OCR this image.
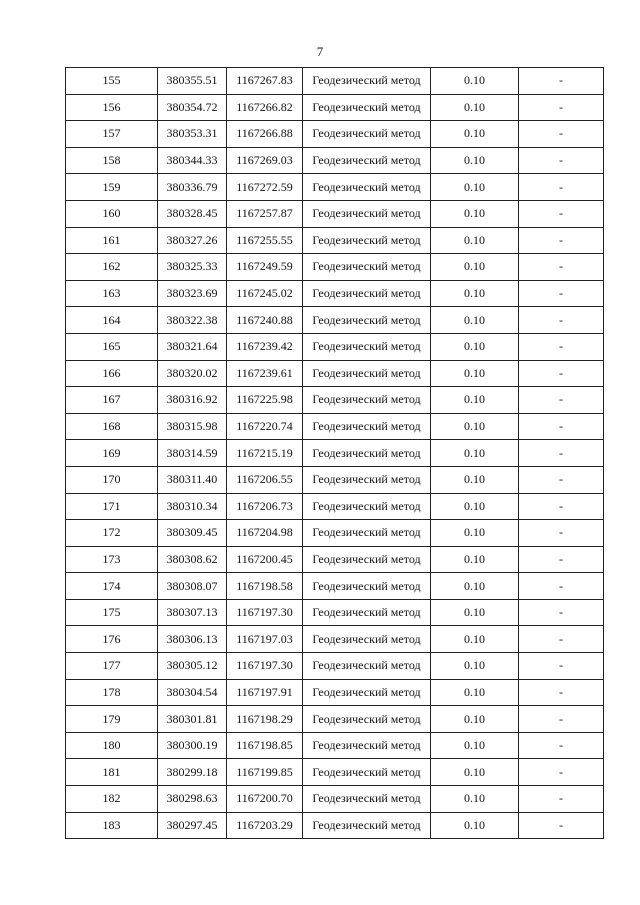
7
155	380355.51	1167267.83	Геодезический метод	0.10	-
156	380354.72	1167266.82	Геодезический метод	0.10	-
157	380353.31	1167266.88	Геодезический метод	0.10	-
158	380344.33	1167269.03	Геодезический метод	0.10	-
159	380336.79	1167272.59	Геодезический метод	0.10	-
160	380328.45	1167257.87	Геодезический метод	0.10	-
161	380327.26	1167255.55	Геодезический метод	0.10	-
162	380325.33	1167249.59	Геодезический метод	0.10	-
163	380323.69	1167245.02	Геодезический метод	0.10	-
164	380322.38	1167240.88	Геодезический метод	0.10	-
165	380321.64	1167239.42	Геодезический метод	0.10	-
166	380320.02	1167239.61	Геодезический метод	0.10	-
167	380316.92	1167225.98	Геодезический метод	0.10	-
168	380315.98	1167220.74	Геодезический метод	0.10	-
169	380314.59	1167215.19	Геодезический метод	0.10	-
170	380311.40	1167206.55	Геодезический метод	0.10	-
171	380310.34	1167206.73	Геодезический метод	0.10	-
172	380309.45	1167204.98	Геодезический метод	0.10	-
173	380308.62	1167200.45	Геодезический метод	0.10	-
174	380308.07	1167198.58	Геодезический метод	0.10	-
175	380307.13	1167197.30	Геодезический метод	0.10	-
176	380306.13	1167197.03	Геодезический метод	0.10	-
177	380305.12	1167197.30	Геодезический метод	0.10	-
178	380304.54	1167197.91	Геодезический метод	0.10	-
179	380301.81	1167198.29	Геодезический метод	0.10	-
180	380300.19	1167198.85	Геодезический метод	0.10	-
181	380299.18	1167199.85	Геодезический метод	0.10	-
182	380298.63	1167200.70	Геодезический метод	0.10	-
183	380297.45	1167203.29	Геодезический метод	0.10	-
